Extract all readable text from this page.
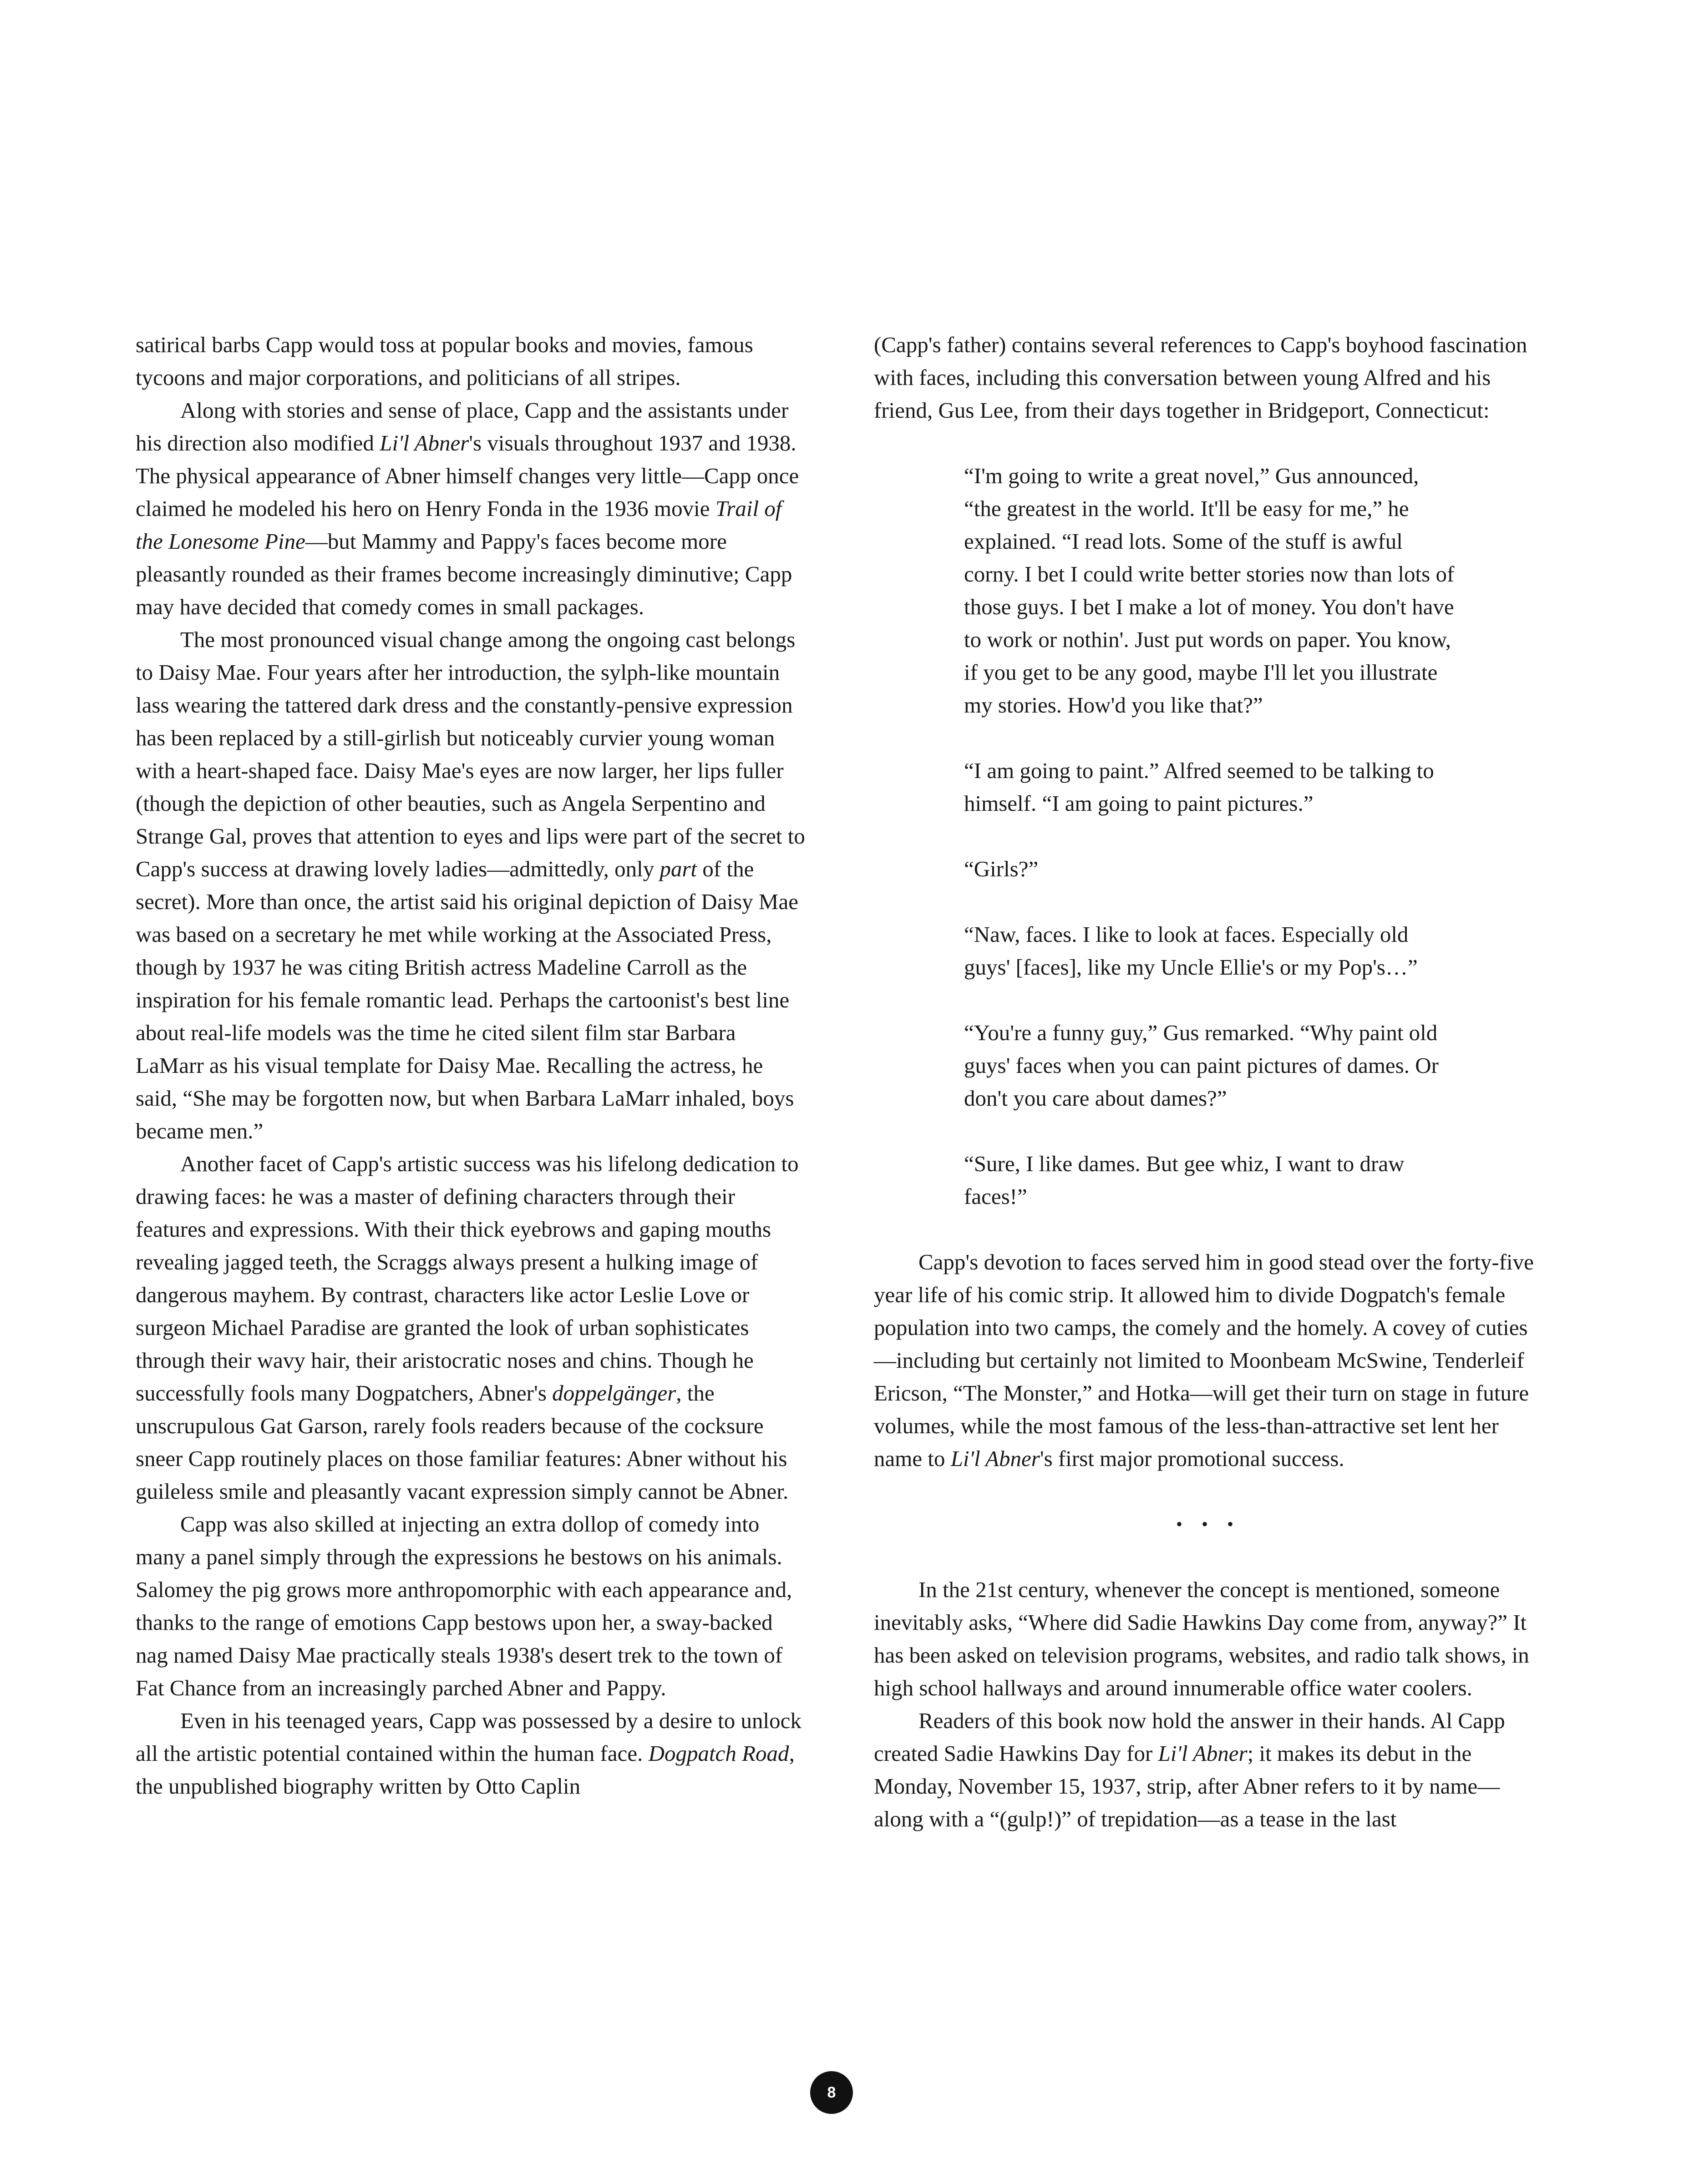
satirical barbs Capp would toss at popular books and movies, famous tycoons and major corporations, and politicians of all stripes.

Along with stories and sense of place, Capp and the assistants under his direction also modified Li'l Abner's visuals throughout 1937 and 1938. The physical appearance of Abner himself changes very little—Capp once claimed he modeled his hero on Henry Fonda in the 1936 movie Trail of the Lonesome Pine—but Mammy and Pappy's faces become more pleasantly rounded as their frames become increasingly diminutive; Capp may have decided that comedy comes in small packages.

The most pronounced visual change among the ongoing cast belongs to Daisy Mae. Four years after her introduction, the sylph-like mountain lass wearing the tattered dark dress and the constantly-pensive expression has been replaced by a still-girlish but noticeably curvier young woman with a heart-shaped face. Daisy Mae's eyes are now larger, her lips fuller (though the depiction of other beauties, such as Angela Serpentino and Strange Gal, proves that attention to eyes and lips were part of the secret to Capp's success at drawing lovely ladies—admittedly, only part of the secret). More than once, the artist said his original depiction of Daisy Mae was based on a secretary he met while working at the Associated Press, though by 1937 he was citing British actress Madeline Carroll as the inspiration for his female romantic lead. Perhaps the cartoonist's best line about real-life models was the time he cited silent film star Barbara LaMarr as his visual template for Daisy Mae. Recalling the actress, he said, “She may be forgotten now, but when Barbara LaMarr inhaled, boys became men.”

Another facet of Capp's artistic success was his lifelong dedication to drawing faces: he was a master of defining characters through their features and expressions. With their thick eyebrows and gaping mouths revealing jagged teeth, the Scraggs always present a hulking image of dangerous mayhem. By contrast, characters like actor Leslie Love or surgeon Michael Paradise are granted the look of urban sophisticates through their wavy hair, their aristocratic noses and chins. Though he successfully fools many Dogpatchers, Abner's doppelgänger, the unscrupulous Gat Garson, rarely fools readers because of the cocksure sneer Capp routinely places on those familiar features: Abner without his guileless smile and pleasantly vacant expression simply cannot be Abner.

Capp was also skilled at injecting an extra dollop of comedy into many a panel simply through the expressions he bestows on his animals. Salomey the pig grows more anthropomorphic with each appearance and, thanks to the range of emotions Capp bestows upon her, a sway-backed nag named Daisy Mae practically steals 1938's desert trek to the town of Fat Chance from an increasingly parched Abner and Pappy.

Even in his teenaged years, Capp was possessed by a desire to unlock all the artistic potential contained within the human face. Dogpatch Road, the unpublished biography written by Otto Caplin

(Capp's father) contains several references to Capp's boyhood fascination with faces, including this conversation between young Alfred and his friend, Gus Lee, from their days together in Bridgeport, Connecticut:

“I'm going to write a great novel,” Gus announced, “the greatest in the world. It'll be easy for me,” he explained. “I read lots. Some of the stuff is awful corny. I bet I could write better stories now than lots of those guys. I bet I make a lot of money. You don't have to work or nothin'. Just put words on paper. You know, if you get to be any good, maybe I'll let you illustrate my stories. How'd you like that?”

“I am going to paint.” Alfred seemed to be talking to himself. “I am going to paint pictures.”

“Girls?”

“Naw, faces. I like to look at faces. Especially old guys' [faces], like my Uncle Ellie's or my Pop's…”

“You're a funny guy,” Gus remarked. “Why paint old guys' faces when you can paint pictures of dames. Or don't you care about dames?”

“Sure, I like dames. But gee whiz, I want to draw faces!”

Capp's devotion to faces served him in good stead over the forty-five year life of his comic strip. It allowed him to divide Dogpatch's female population into two camps, the comely and the homely. A covey of cuties—including but certainly not limited to Moonbeam McSwine, Tenderleif Ericson, “The Monster,” and Hotka—will get their turn on stage in future volumes, while the most famous of the less-than-attractive set lent her name to Li'l Abner's first major promotional success.

• • •

In the 21st century, whenever the concept is mentioned, someone inevitably asks, “Where did Sadie Hawkins Day come from, anyway?” It has been asked on television programs, websites, and radio talk shows, in high school hallways and around innumerable office water coolers.

Readers of this book now hold the answer in their hands. Al Capp created Sadie Hawkins Day for Li'l Abner; it makes its debut in the Monday, November 15, 1937, strip, after Abner refers to it by name—along with a “(gulp!)” of trepidation—as a tease in the last

8
